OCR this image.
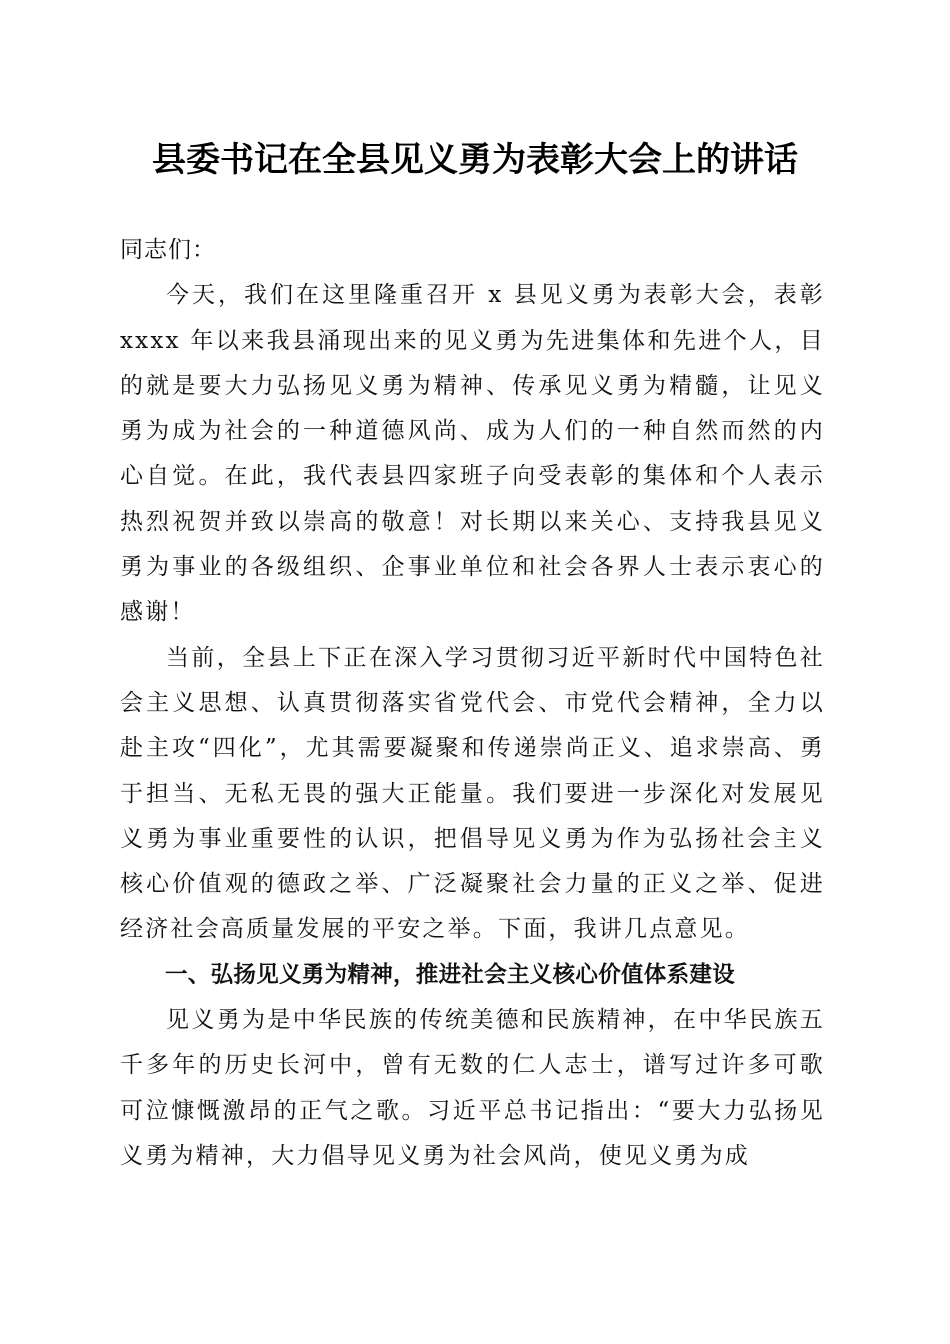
县委书记在全县见义勇为表彰大会上的讲话

同志们：

今天，我们在这里隆重召开 x 县见义勇为表彰大会，表彰 xxxx 年以来我县涌现出来的见义勇为先进集体和先进个人，目的就是要大力弘扬见义勇为精神、传承见义勇为精髓，让见义勇为成为社会的一种道德风尚、成为人们的一种自然而然的内心自觉。在此，我代表县四家班子向受表彰的集体和个人表示热烈祝贺并致以崇高的敬意！对长期以来关心、支持我县见义勇为事业的各级组织、企事业单位和社会各界人士表示衷心的感谢！

当前，全县上下正在深入学习贯彻习近平新时代中国特色社会主义思想、认真贯彻落实省党代会、市党代会精神，全力以赴主攻“四化”，尤其需要凝聚和传递崇尚正义、追求崇高、勇于担当、无私无畏的强大正能量。我们要进一步深化对发展见义勇为事业重要性的认识，把倡导见义勇为作为弘扬社会主义核心价值观的德政之举、广泛凝聚社会力量的正义之举、促进经济社会高质量发展的平安之举。下面，我讲几点意见。

一、弘扬见义勇为精神，推进社会主义核心价值体系建设

见义勇为是中华民族的传统美德和民族精神，在中华民族五千多年的历史长河中，曾有无数的仁人志士，谱写过许多可歌可泣慷慨激昂的正气之歌。习近平总书记指出：“要大力弘扬见义勇为精神，大力倡导见义勇为社会风尚，使见义勇为成
